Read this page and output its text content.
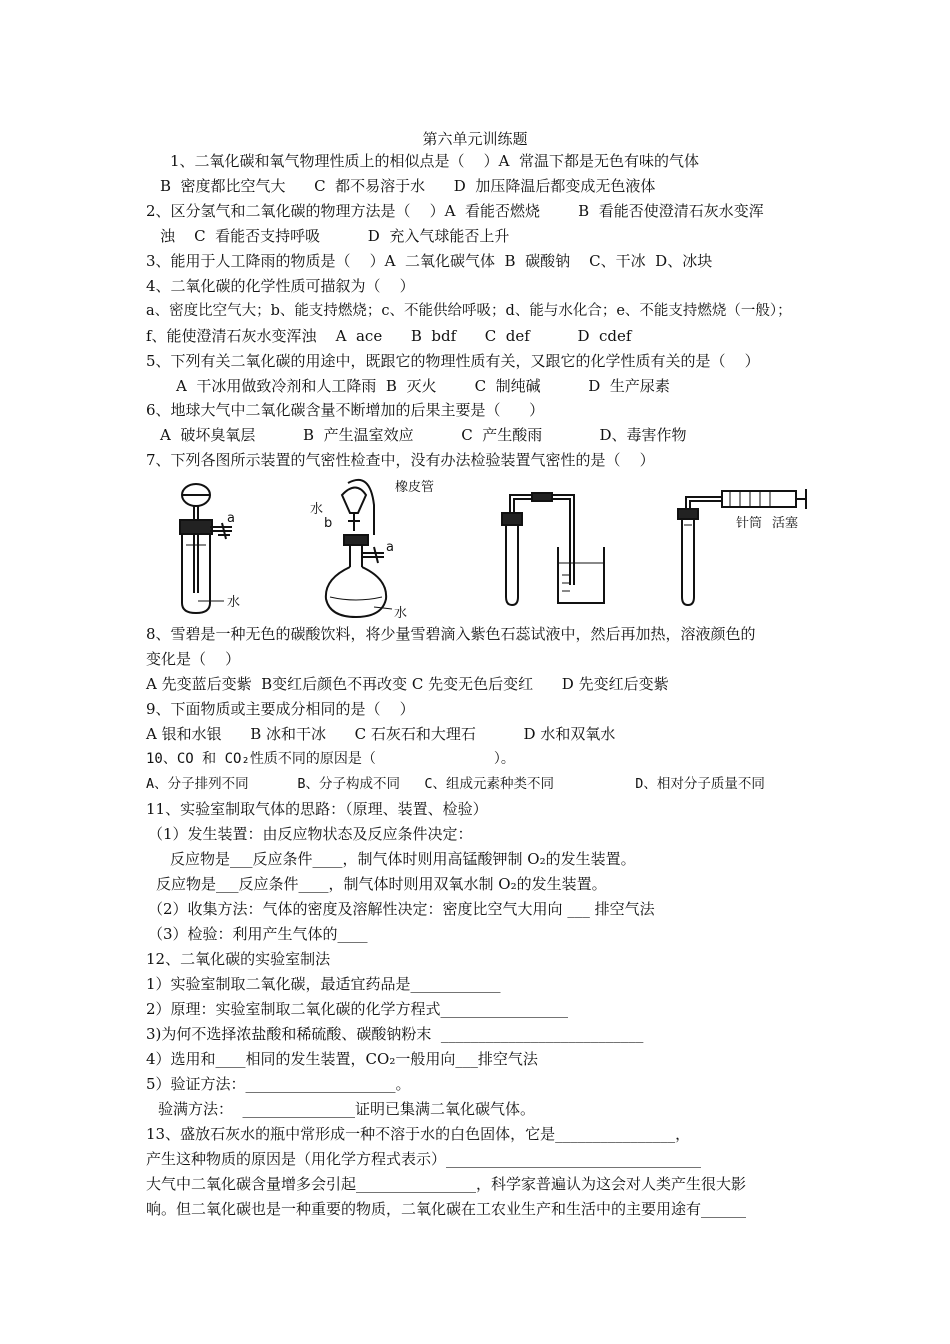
第六单元训练题
1、二氧化碳和氧气物理性质上的相似点是（    ）A  常温下都是无色有味的气体
B  密度都比空气大      C  都不易溶于水      D  加压降温后都变成无色液体
2、区分氢气和二氧化碳的物理方法是（    ）A  看能否燃烧        B  看能否使澄清石灰水变浑
浊    C  看能否支持呼吸          D  充入气球能否上升
3、能用于人工降雨的物质是（    ）A  二氧化碳气体  B  碳酸钠    C、干冰  D、冰块
4、二氧化碳的化学性质可描叙为（    ）
a、密度比空气大；b、能支持燃烧；c、不能供给呼吸；d、能与水化合；e、不能支持燃烧（一般）；
f、能使澄清石灰水变浑浊    A  ace      B  bdf      C  def          D  cdef
5、下列有关二氧化碳的用途中，既跟它的物理性质有关，又跟它的化学性质有关的是（    ）
A  干冰用做致冷剂和人工降雨  B  灭火        C  制纯碱          D  生产尿素
6、地球大气中二氧化碳含量不断增加的后果主要是（      ）
A  破坏臭氧层          B  产生温室效应          C  产生酸雨            D、毒害作物
7、下列各图所示装置的气密性检查中，没有办法检验装置气密性的是（    ）
水
a
橡皮管
水
b
a
水
针筒 活塞
8、雪碧是一种无色的碳酸饮料，将少量雪碧滴入紫色石蕊试液中，然后再加热，溶液颜色的
变化是（    ）
A 先变蓝后变紫  B变红后颜色不再改变 C 先变无色后变红      D 先变红后变紫
9、下面物质或主要成分相同的是（    ）
A 银和水银      B 冰和干冰      C 石灰石和大理石          D 水和双氧水
10、CO 和 CO₂性质不同的原因是（              ）。
A、分子排列不同      B、分子构成不同   C、组成元素种类不同          D、相对分子质量不同
11、实验室制取气体的思路：（原理、装置、检验）
（1）发生装置：由反应物状态及反应条件决定：
反应物是___反应条件____，制气体时则用高锰酸钾制 O₂的发生装置。
反应物是___反应条件____，制气体时则用双氧水制 O₂的发生装置。
（2）收集方法：气体的密度及溶解性决定：密度比空气大用向 ___ 排空气法
（3）检验：利用产生气体的____
12、二氧化碳的实验室制法
1）实验室制取二氧化碳，最适宜药品是____________
2）原理：实验室制取二氧化碳的化学方程式_________________
3)为何不选择浓盐酸和稀硫酸、碳酸钠粉末  ___________________________
4）选用和____相同的发生装置，CO₂一般用向___排空气法
5）验证方法：____________________。
验满方法：  _______________证明已集满二氧化碳气体。
13、盛放石灰水的瓶中常形成一种不溶于水的白色固体，它是________________，
产生这种物质的原因是（用化学方程式表示）__________________________________
大气中二氧化碳含量增多会引起________________，科学家普遍认为这会对人类产生很大影
响。但二氧化碳也是一种重要的物质，二氧化碳在工农业生产和生活中的主要用途有______
